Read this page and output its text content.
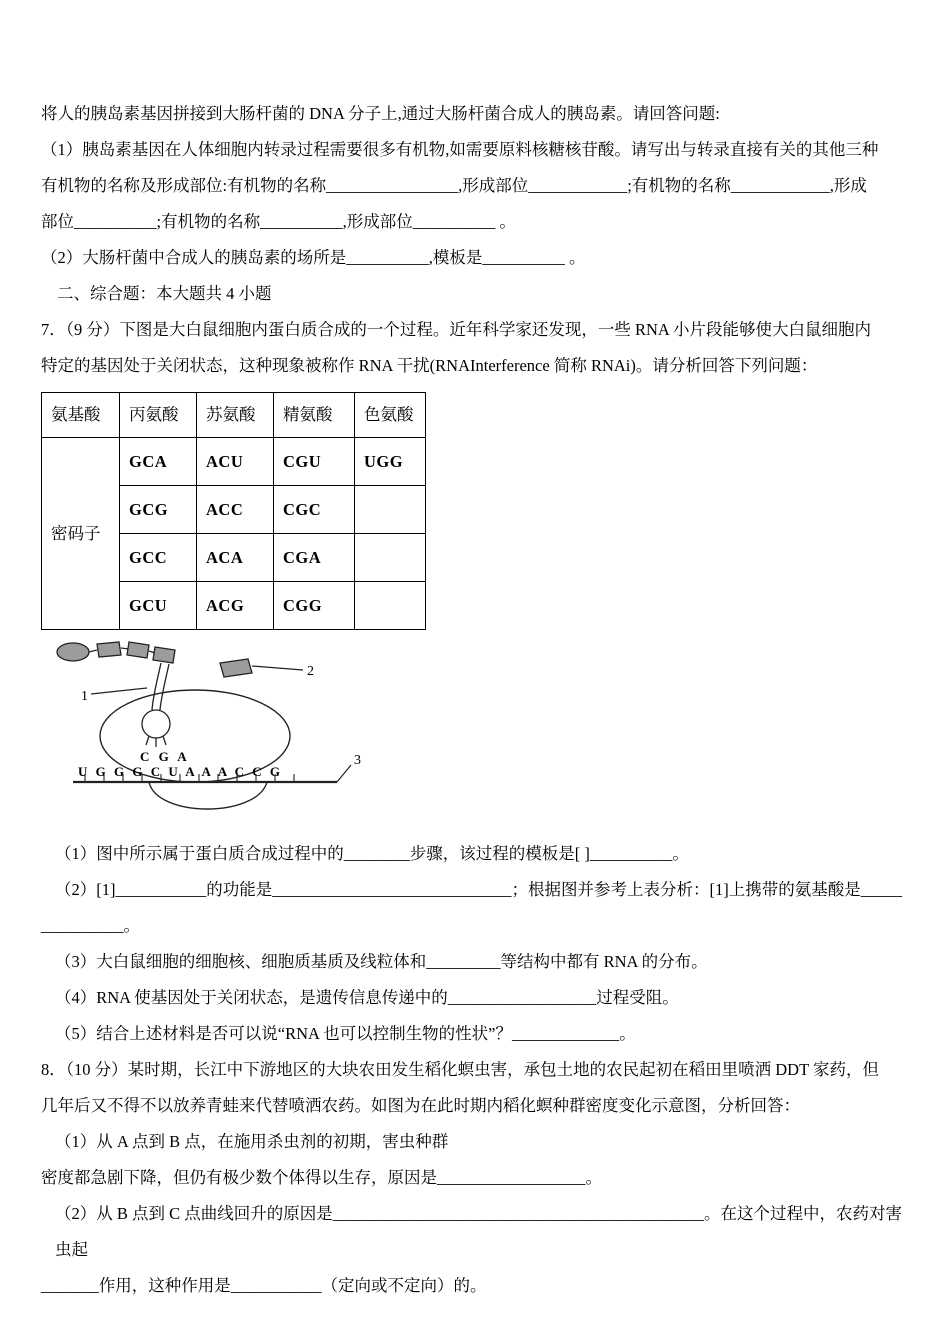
将人的胰岛素基因拼接到大肠杆菌的 DNA 分子上,通过大肠杆菌合成人的胰岛素。请回答问题:
（1）胰岛素基因在人体细胞内转录过程需要很多有机物,如需要原料核糖核苷酸。请写出与转录直接有关的其他三种
有机物的名称及形成部位:有机物的名称________________,形成部位____________;有机物的名称____________,形成
部位__________;有机物的名称__________,形成部位__________ 。
（2）大肠杆菌中合成人的胰岛素的场所是__________,模板是__________ 。
二、综合题：本大题共 4 小题
7．（9 分）下图是大白鼠细胞内蛋白质合成的一个过程。近年科学家还发现，一些 RNA 小片段能够使大白鼠细胞内
特定的基因处于关闭状态，这种现象被称作 RNA 干扰(RNAInterference 简称 RNAi)。请分析回答下列问题：
氨基酸	丙氨酸	苏氨酸	精氨酸	色氨酸
密码子	GCA	ACU	CGU	UGG
	GCG	ACC	CGC	
	GCC	ACA	CGA	
	GCU	ACG	CGG	
2
1
C G A
U G G G C U A A A C C G
3
（1）图中所示属于蛋白质合成过程中的________步骤，该过程的模板是[ ]__________。
（2）[1]___________的功能是_____________________________；根据图并参考上表分析：[1]上携带的氨基酸是_____
__________。
（3）大白鼠细胞的细胞核、细胞质基质及线粒体和_________等结构中都有 RNA 的分布。
（4）RNA 使基因处于关闭状态，是遗传信息传递中的__________________过程受阻。
（5）结合上述材料是否可以说“RNA 也可以控制生物的性状”？_____________。
8．（10 分）某时期，长江中下游地区的大块农田发生稻化螟虫害，承包土地的农民起初在稻田里喷洒 DDT 家药，但
几年后又不得不以放养青蛙来代替喷洒农药。如图为在此时期内稻化螟种群密度变化示意图，分析回答：
（1）从 A 点到 B 点，在施用杀虫剂的初期，害虫种群
密度都急剧下降，但仍有极少数个体得以生存，原因是__________________。
（2）从 B 点到 C 点曲线回升的原因是_____________________________________________。在这个过程中，农药对害虫起
_______作用，这种作用是___________（定向或不定向）的。
